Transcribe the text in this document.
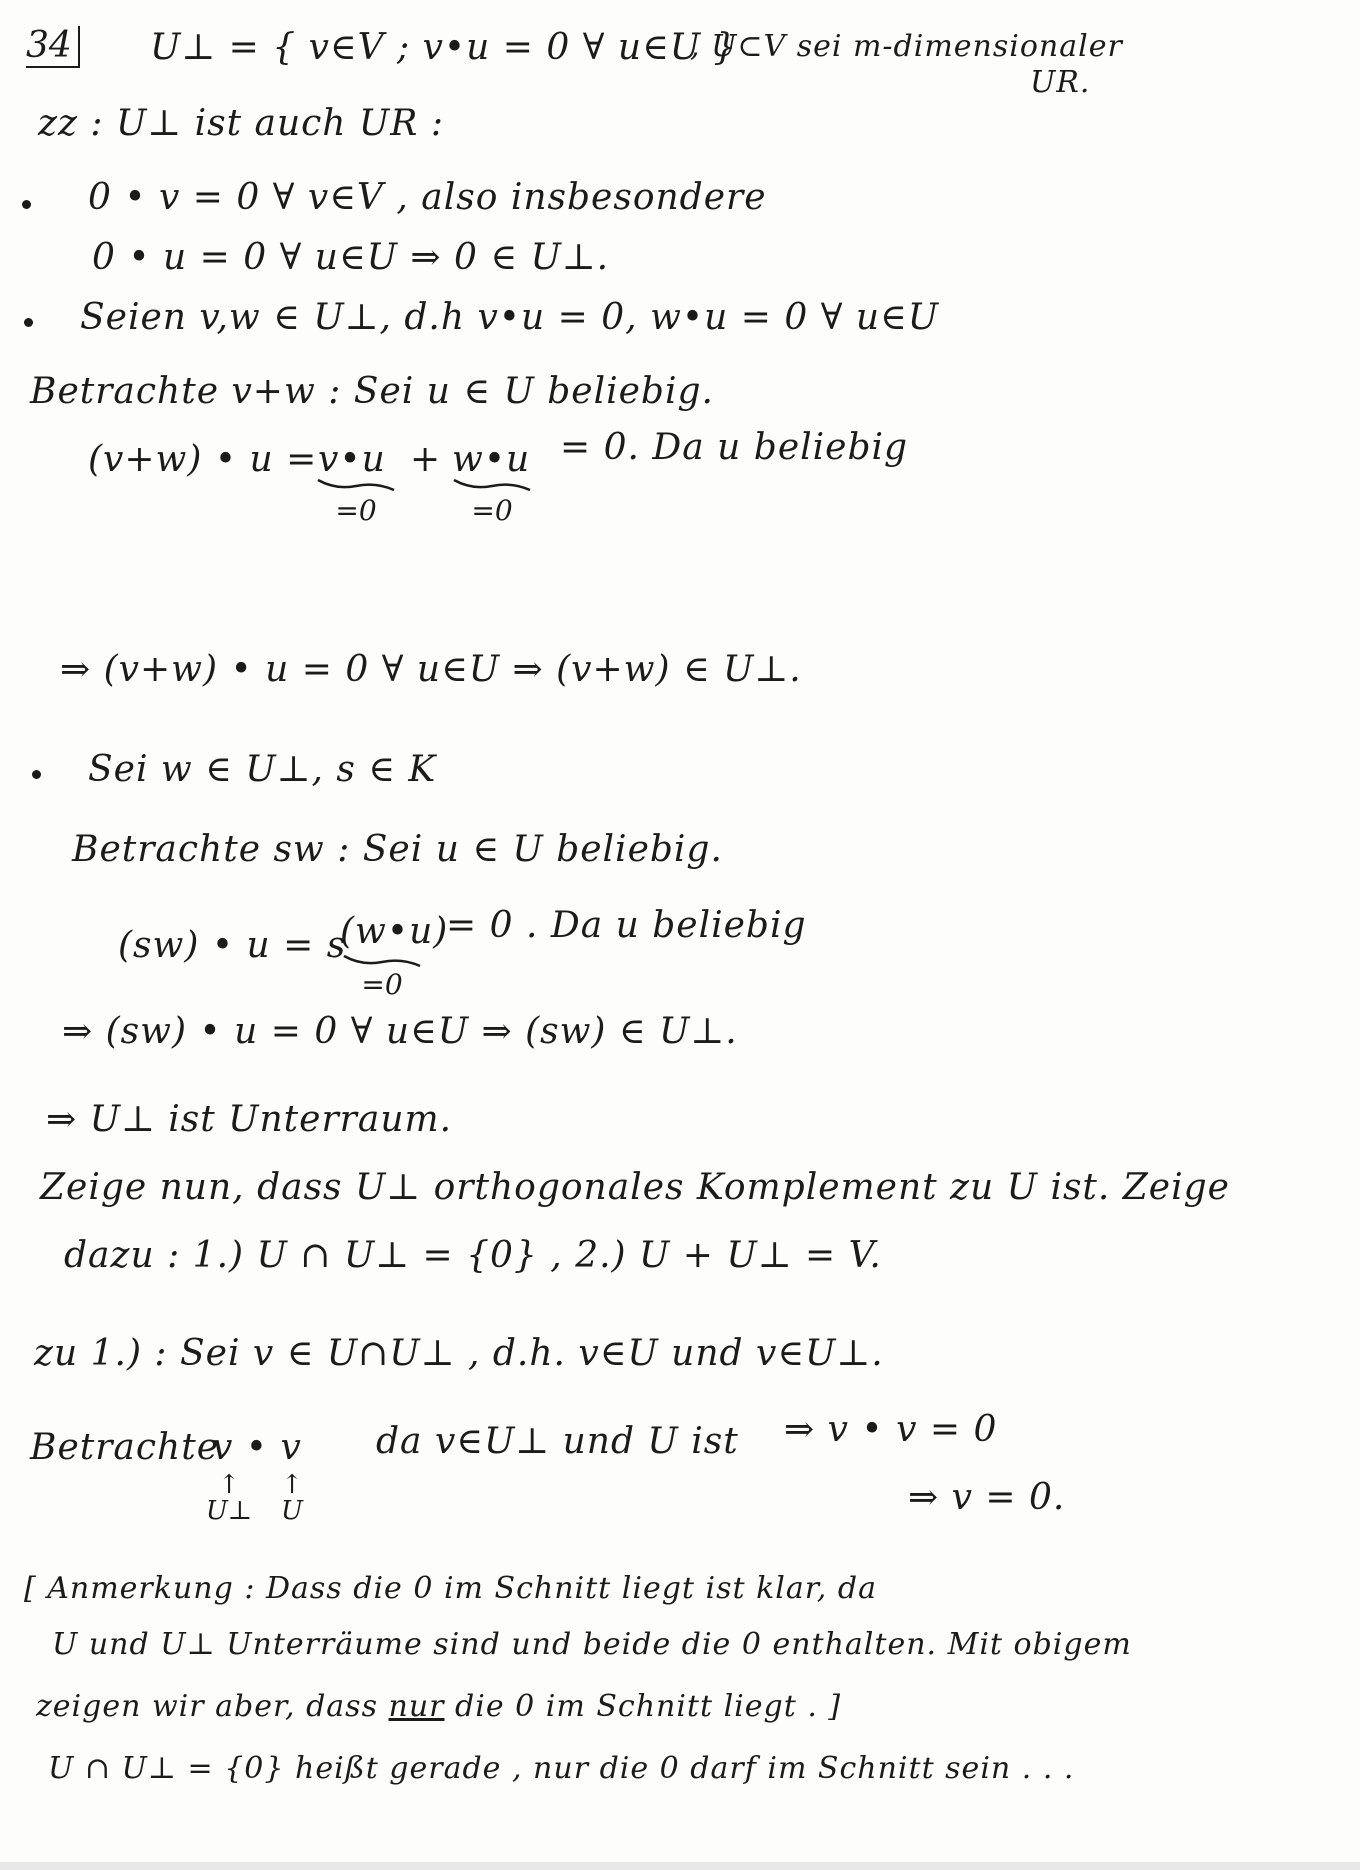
34 U⊥ = { v∈V ; v•u = 0 ∀ u∈U }
, U⊂V sei m-dimensionaler
UR.
zz : U⊥ ist auch UR :
0 • v = 0 ∀ v∈V , also insbesondere
0 • u = 0 ∀ u∈U ⇒ 0 ∈ U⊥.
Seien v,w ∈ U⊥, d.h v•u = 0, w•u = 0 ∀ u∈U
Betrachte v+w : Sei u ∈ U beliebig.
(v+w) • u = v•u + w•u = 0. Da u beliebig
=0	=0
⇒ (v+w) • u = 0 ∀ u∈U ⇒ (v+w) ∈ U⊥.
Sei w ∈ U⊥, s ∈ K
Betrachte sw : Sei u ∈ U beliebig.
(sw) • u = s
(w•u)
= 0 . Da u beliebig
=0
⇒ (sw) • u = 0 ∀ u∈U ⇒ (sw) ∈ U⊥.
⇒ U⊥ ist Unterraum.
Zeige nun, dass U⊥ orthogonales Komplement zu U ist. Zeige
dazu : 1.) U ∩ U⊥ = {0} , 2.) U + U⊥ = V.
zu 1.) : Sei v ∈ U∩U⊥ , d.h. v∈U und v∈U⊥.
Betrachte
v • v da v∈U⊥ und U ist ⇒ v • v = 0
↑
U⊥
↑
U	⇒ v = 0.
[ Anmerkung : Dass die 0 im Schnitt liegt ist klar, da
U und U⊥ Unterräume sind und beide die 0 enthalten. Mit obigem
zeigen wir aber, dass nur die 0 im Schnitt liegt . ]
U ∩ U⊥ = {0} heißt gerade , nur die 0 darf im Schnitt sein . . .
